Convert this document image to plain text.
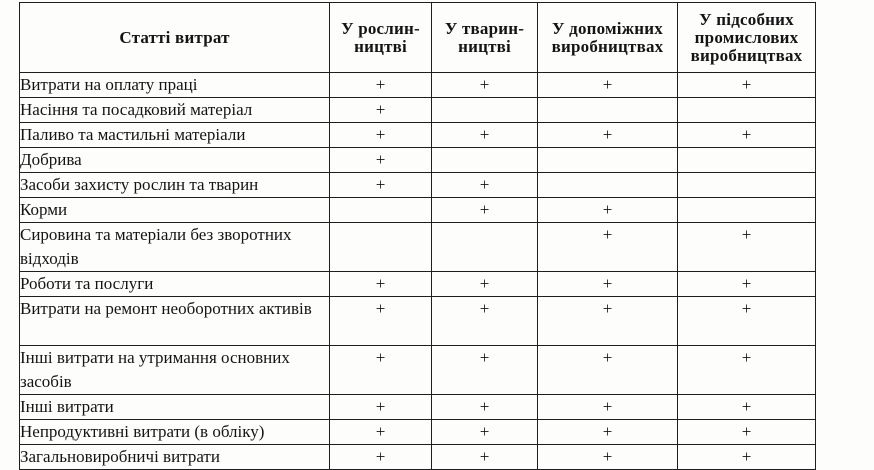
Статті витрат	У рослин-ництві	У тварин-ництві	У допоміжних виробництвах	У підсобних промислових виробництвах
Витрати на оплату праці	+	+	+	+
Насіння та посадковий матеріал	+			
Паливо та мастильні матеріали	+	+	+	+
Добрива	+			
Засоби захисту рослин та тварин	+	+		
Корми		+	+	
Сировина та матеріали без зворотних відходів			+	+
Роботи та послуги	+	+	+	+
Витрати на ремонт необоротних активів	+	+	+	+
Інші витрати на утримання основних засобів	+	+	+	+
Інші витрати	+	+	+	+
Непродуктивні витрати (в обліку)	+	+	+	+
Загальновиробничі витрати	+	+	+	+
